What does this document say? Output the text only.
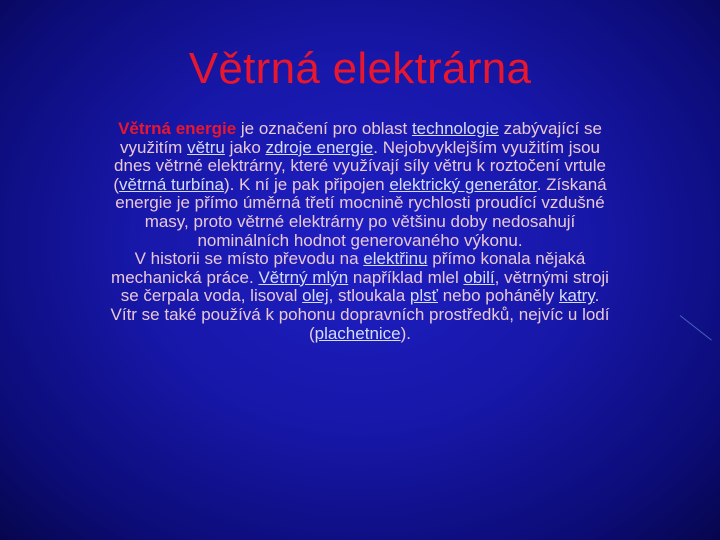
Větrná elektrárna

Větrná energie je označení pro oblast technologie zabývající se využitím větru jako zdroje energie. Nejobvyklejším využitím jsou dnes větrné elektrárny, které využívají síly větru k roztočení vrtule (větrná turbína). K ní je pak připojen elektrický generátor. Získaná energie je přímo úměrná třetí mocnině rychlosti proudící vzdušné masy, proto větrné elektrárny po většinu doby nedosahují nominálních hodnot generovaného výkonu.

V historii se místo převodu na elektřinu přímo konala nějaká mechanická práce. Větrný mlýn například mlel obilí, větrnými stroji se čerpala voda, lisoval olej, stloukala plsť nebo poháněly katry. Vítr se také používá k pohonu dopravních prostředků, nejvíc u lodí (plachetnice).
